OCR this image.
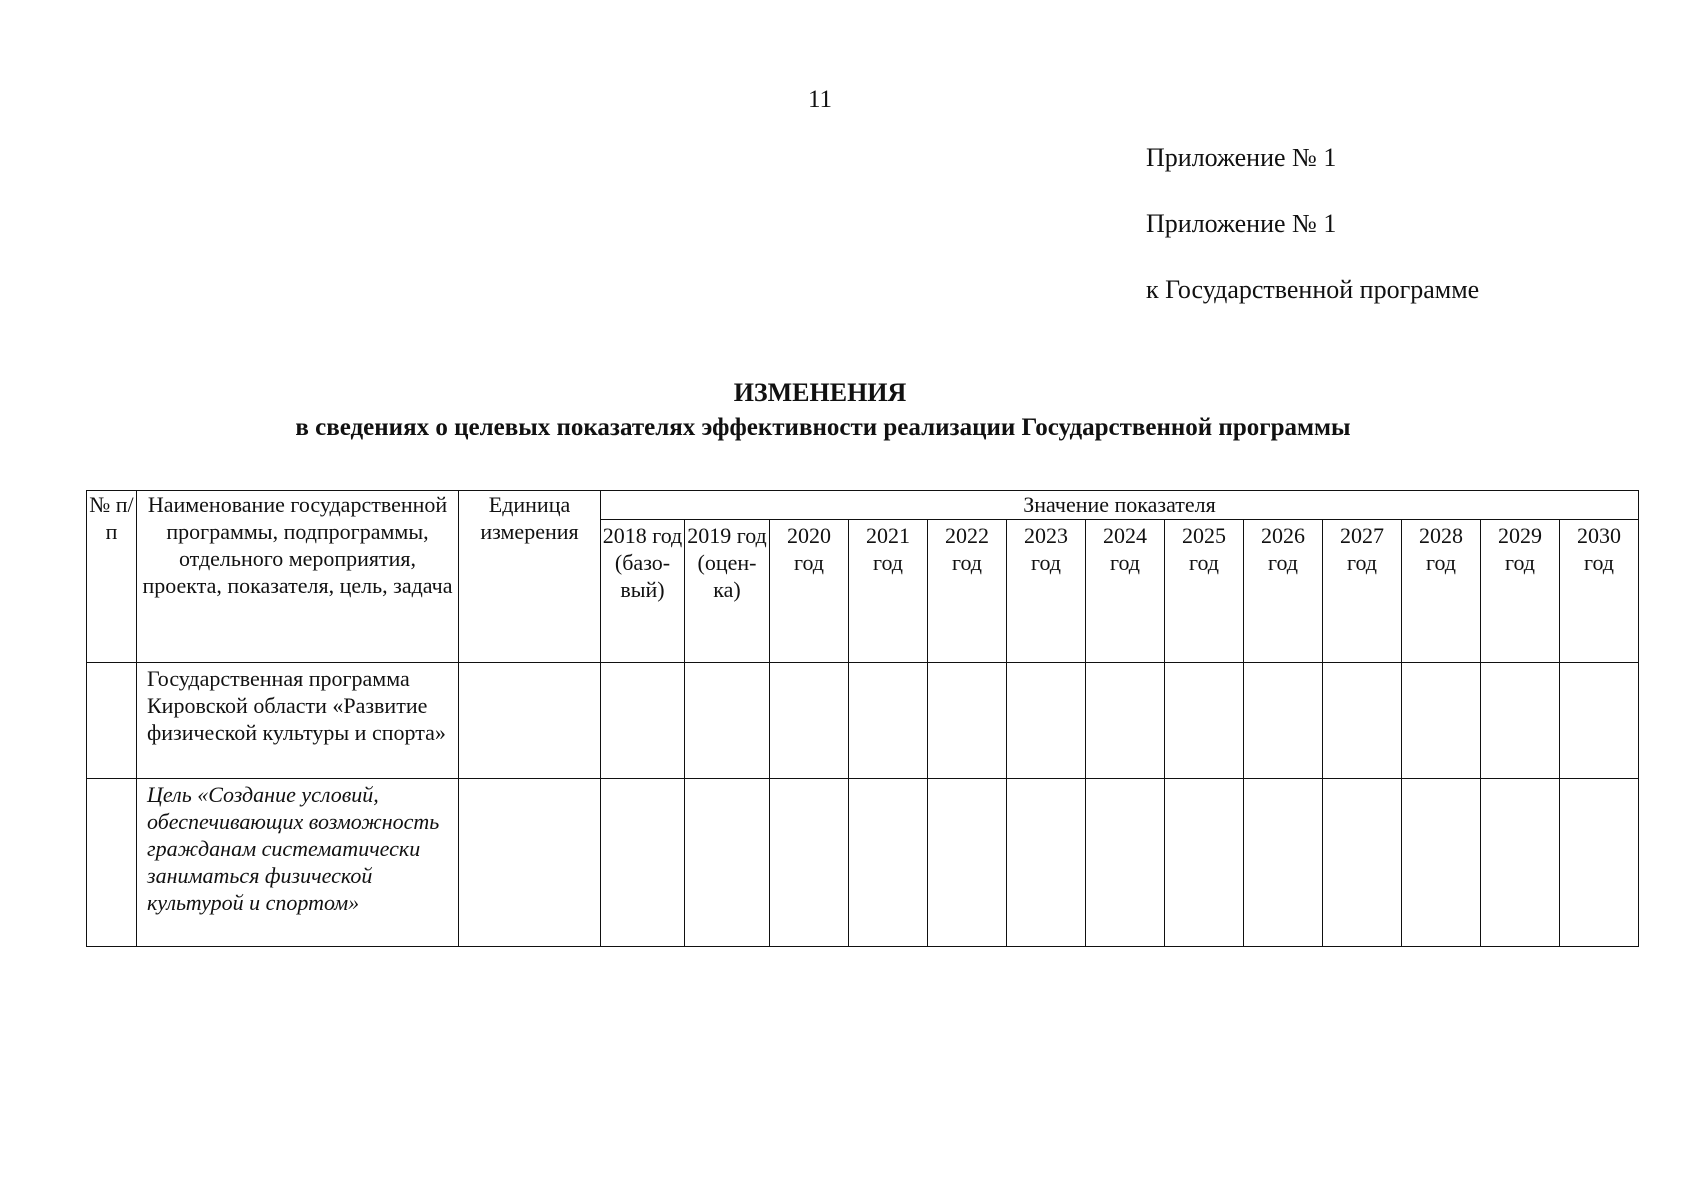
11
Приложение № 1
Приложение № 1
к Государственной программе
ИЗМЕНЕНИЯ
в сведениях о целевых показателях эффективности реализации Государственной программы
№ п/п	Наименование государственной программы, подпрограммы, отдельного мероприятия, проекта, показателя, цель, задача	Единица измерения	Значение показателя												
			2018 год (базо-вый)	2019 год (оцен-ка)	2020 год	2021 год	2022 год	2023 год	2024 год	2025 год	2026 год	2027 год	2028 год	2029 год	2030 год
	Государственная программа Кировской области «Развитие физической культуры и спорта»														
	Цель «Создание условий, обеспечивающих возможность гражданам систематически заниматься физической культурой и спортом»														
